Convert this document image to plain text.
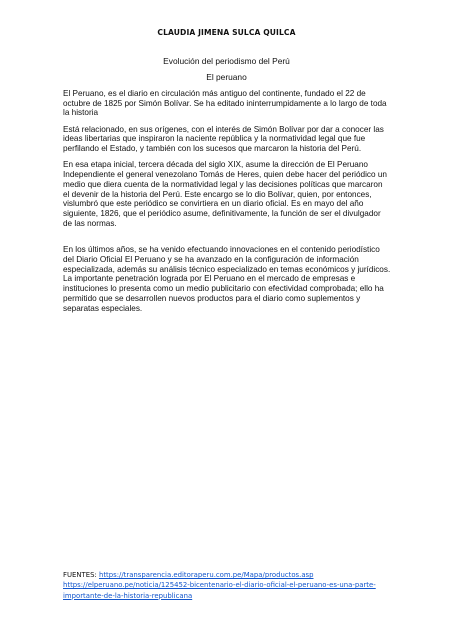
CLAUDIA JIMENA SULCA QUILCA
Evolución del periodismo del Perú
El peruano

El Peruano, es el diario en circulación más antiguo del continente, fundado el 22 de octubre de 1825 por Simón Bolívar. Se ha editado ininterrumpidamente a lo largo de toda la historia

Está relacionado, en sus orígenes, con el interés de Simón Bolívar por dar a conocer las ideas libertarias que inspiraron la naciente república y la normatividad legal que fue perfilando el Estado, y también con los sucesos que marcaron la historia del Perú.

En esa etapa inicial, tercera década del siglo XIX, asume la dirección de El Peruano Independiente el general venezolano Tomás de Heres, quien debe hacer del periódico un medio que diera cuenta de la normatividad legal y las decisiones políticas que marcaron el devenir de la historia del Perú. Este encargo se lo dio Bolívar, quien, por entonces, vislumbró que este periódico se convirtiera en un diario oficial. Es en mayo del año siguiente, 1826, que el periódico asume, definitivamente, la función de ser el divulgador de las normas.

En los últimos años, se ha venido efectuando innovaciones en el contenido periodístico del Diario Oficial El Peruano y se ha avanzado en la configuración de información especializada, además su análisis técnico especializado en temas económicos y jurídicos. La importante penetración lograda por El Peruano en el mercado de empresas e instituciones lo presenta como un medio publicitario con efectividad comprobada; ello ha permitido que se desarrollen nuevos productos para el diario como suplementos y separatas especiales.

FUENTES: https://transparencia.editoraperu.com.pe/Mapa/productos.asp
https://elperuano.pe/noticia/125452-bicentenario-el-diario-oficial-el-peruano-es-una-parte-importante-de-la-historia-republicana
